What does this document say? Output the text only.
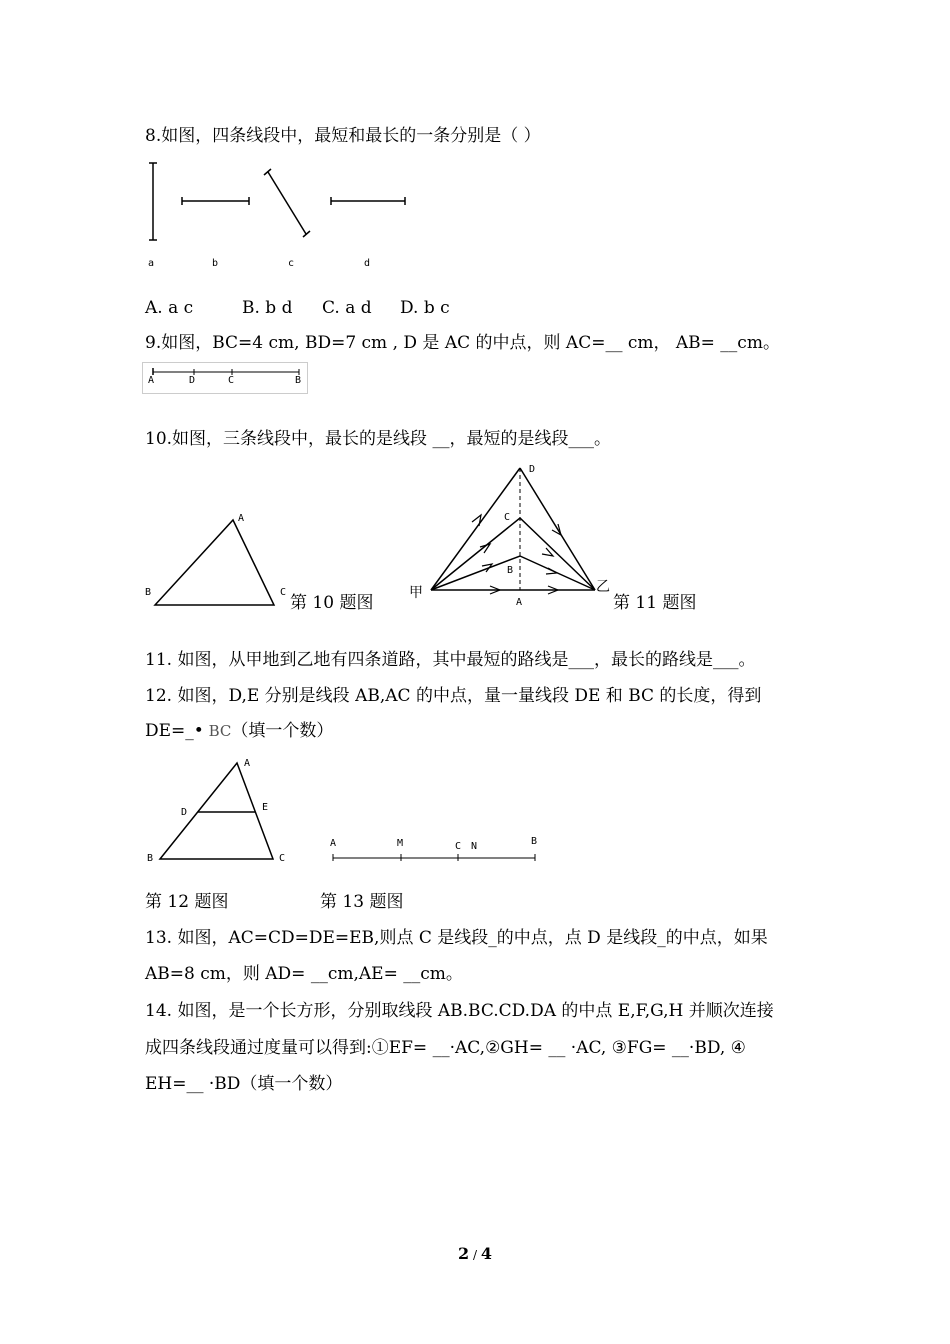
8.如图，四条线段中，最短和最长的一条分别是（ ）
a	b	c	d
A. a c	B. b d C. a d D. b c
9.如图，BC=4 cm, BD=7 cm , D 是 AC 的中点，则 AC=__ cm， AB= __cm。
A	D	C	B
10.如图，三条线段中，最长的是线段 __，最短的是线段___。
A
B	C
第 10 题图
D
C
B
A
甲	乙
第 11 题图
11. 如图，从甲地到乙地有四条道路，其中最短的路线是___，最长的路线是___。
12. 如图，D,E 分别是线段 AB,AC 的中点，量一量线段 DE 和 BC 的长度，得到
DE=_• BC（填一个数）
A
D	E
B	C
A	M	C N	B
第 12 题图	第 13 题图
13. 如图，AC=CD=DE=EB,则点 C 是线段_的中点，点 D 是线段_的中点，如果
AB=8 cm，则 AD= __cm,AE= __cm。
14. 如图，是一个长方形，分别取线段 AB.BC.CD.DA 的中点 E,F,G,H 并顺次连接
成四条线段通过度量可以得到:①EF= __·AC,②GH= __ ·AC, ③FG= __·BD, ④
EH=__ ·BD（填一个数）
2 / 4
